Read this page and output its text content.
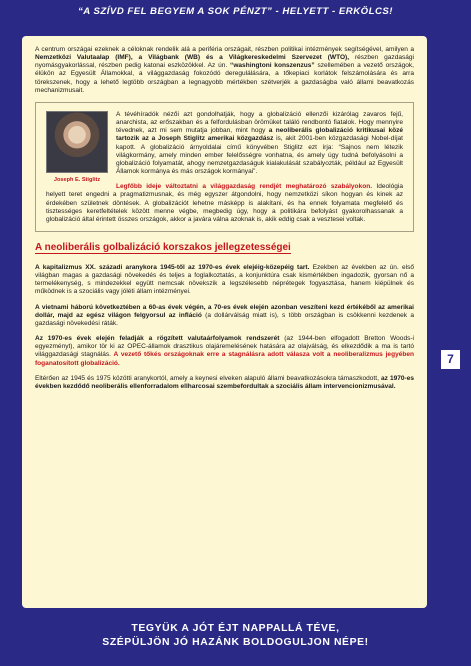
“A SZÍVD FEL BEGYEM A SOK PÉNZT” - HELYETT - ERKÖLCS!

A centrum országai ezeknek a céloknak rendelik alá a periféria országait, részben politikai intézmények segítségével, amilyen a Nemzetközi Valutaalap (IMF), a Világbank (WB) és a Világkereskedelmi Szervezet (WTO), részben gazdasági nyomásgyakorlással, részben pedig katonai eszközökkel. Az ún. “washingtoni konszenzus” szellemében a vezető országok, élükön az Egyesült Államokkal, a világgazdaság fokozódó deregulálására, a tőkepiaci korlátok felszámolására és arra törekszenek, hogy a lehető legtöbb országban a legnagyobb mértékben szétverjék a gazdaságba való állami beavatkozás mechanizmusait.

Joseph E. Stiglitz

A tévéhíradók nézői azt gondolhatják, hogy a globalizáció ellenzői kizárólag zavaros fejű, anarchista, az erőszakban és a felfordulásban örömüket találó rendbontó fiatalok. Hogy mennyire tévednek, azt mi sem mutatja jobban, mint hogy a neoliberális globalizáció kritikusai közé tartozik az a Joseph Stiglitz amerikai közgazdász is, akit 2001-ben közgazdasági Nobel-díjat kapott. A globalizáció árnyoldalai című könyvében Stiglitz ezt írja: “Sajnos nem létezik világkormány, amely minden ember felelősségre vonhatna, és amely úgy tudná befolyásolni a globalizáció folyamatát, ahogy nemzetgazdaságuk kialakulását szabályozták, például az Egyesült Államok kormánya és más országok kormányai”.

Legfőbb ideje változtatni a világgazdaság rendjét meghatározó szabályokon. Ideológia helyett teret engedni a pragmatizmusnak, és még egyszer átgondolni, hogy nemzetközi síkon hogyan és kinek az érdekében születnek döntések. A globalizációt lehetne másképp is alakítani, és ha ennek folyamata megfelelő és tisztességes keretfeltételek között menne végbe, megbedig úgy, hogy a politikára befolyást gyakorolhassanak a globalizáció által érintett összes országok, akkor a javára válna azoknak is, akik eddig csak a vesztesei voltak.

A neoliberális golbalizáció korszakos jellegzetességei

A kapitalizmus XX. századi aranykora 1945-től az 1970-es évek elejéig-közepéig tart. Ezekben az években az ún. első világban magas a gazdasági növekedés és teljes a foglalkoztatás, a konjunktúra csak kismértékben ingadozik, gyorsan nő a termelékenység, s mindezekkel együtt nemcsak növekszik a legszélesebb néprétegek fogyasztása, hanem kiépülnek és működnek is a szociális vagy jóléti állam intézményei.

A vietnami háború következtében a 60-as évek végén, a 70-es évek elején azonban veszíteni kezd értékéből az amerikai dollár, majd az egész világon felgyorsul az infláció (a dollárválság miatt is), s több országban is csökkenni kezdenek a gazdasági növekedési ráták.

Az 1970-es évek elején feladják a rögzített valutaárfolyamok rendszerét (az 1944-ben elfogadott Bretton Woods-i egyezményt), amikor tör ki az OPEC-államok drasztikus olajáremelésének hatására az olajválság, és elkezdődik a ma is tartó világgazdasági stagnálás. A vezető tőkés országoknak erre a stagnálásra adott válasza volt a neoliberalizmus jegyében foganatosított globalizáció.

Eltérően az 1945 és 1975 közötti aranykortól, amely a keynesi elveken alapuló állami beavatkozásokra támaszkodott, az 1970-es években kezdődő neoliberális ellenforradalom ellharcosai szembefordultak a szociális állam intervencionizmusával.

7
TEGYÜK A JÓT ÉJT NAPPALLÁ TÉVE,
SZÉPÜLJÖN JÓ HAZÁNK BOLDOGULJON NÉPE!
